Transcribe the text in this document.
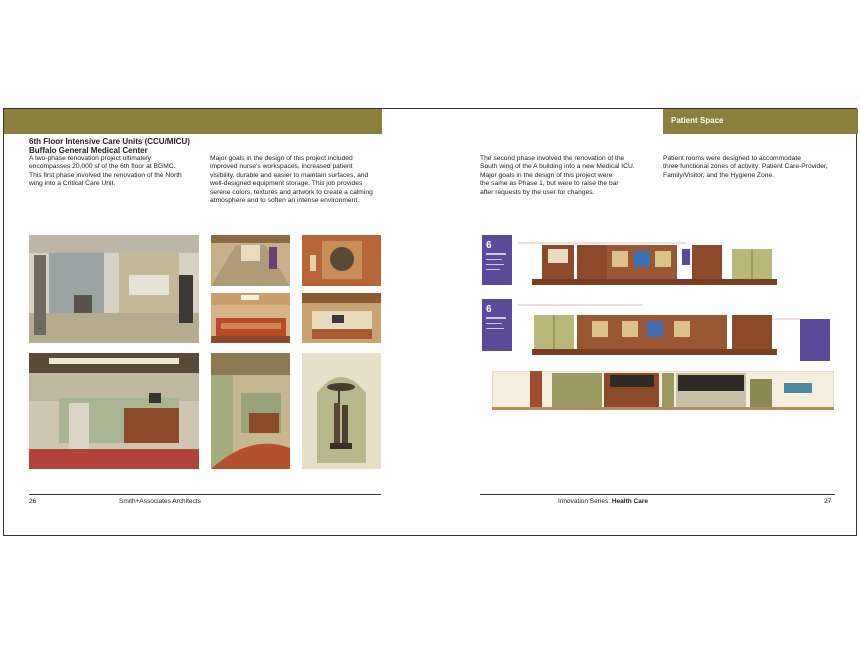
Patient Space
6th Floor Intensive Care Units (CCU/MICU)
Buffalo General Medical Center
A two-phase renovation project ultimately
encompasses 20,000 sf of the 6th floor at BGMC.
This first phase involved the renovation of the North
wing into a Critical Care Unit.
Major goals in the design of this project included
improved nurse's workspaces, increased patient
visibility, durable and easier to maintain surfaces, and
well-designed equipment storage. This job provides
serene colors, textures and artwork to create a calming
atmosphere and to soften an intense environment.
26	Smith+Associates Architects
The second phase involved the renovation of the
South wing of the A building into a new Medical ICU.
Major goals in the design of this project were
the same as Phase 1, but were to raise the bar
after requests by the user for changes.
Patient rooms were designed to accommodate
three functional zones of activity: Patient Care-Provider,
Family/Visitor, and the Hygiene Zone.
6
6
Innovation Series: Health Care	27
